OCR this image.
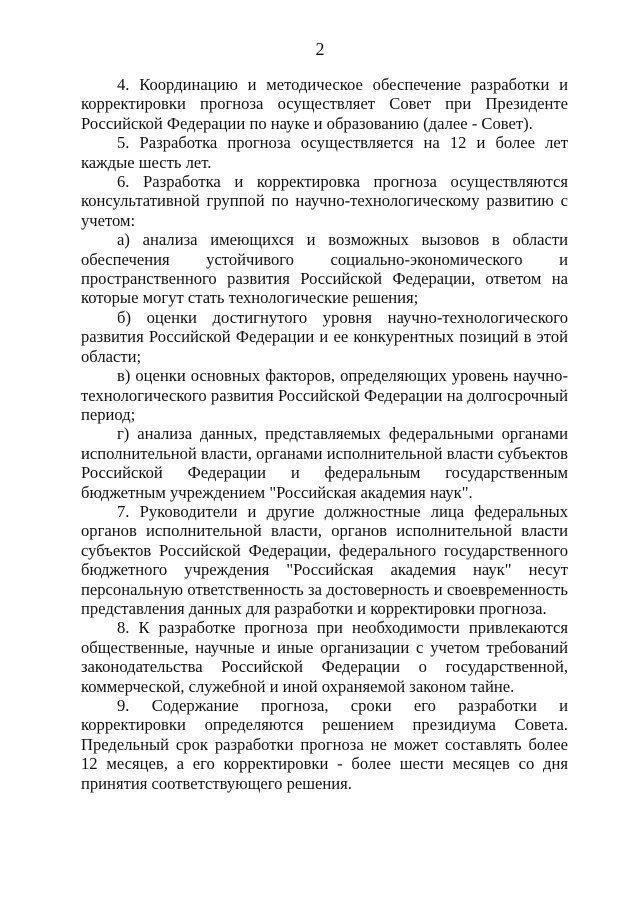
2

4. Координацию и методическое обеспечение разработки и корректировки прогноза осуществляет Совет при Президенте Российской Федерации по науке и образованию (далее - Совет).

5. Разработка прогноза осуществляется на 12 и более лет каждые шесть лет.

6. Разработка и корректировка прогноза осуществляются консультативной группой по научно-технологическому развитию с учетом:

а) анализа имеющихся и возможных вызовов в области обеспечения устойчивого социально-экономического и пространственного развития Российской Федерации, ответом на которые могут стать технологические решения;

б) оценки достигнутого уровня научно-технологического развития Российской Федерации и ее конкурентных позиций в этой области;

в) оценки основных факторов, определяющих уровень научно-технологического развития Российской Федерации на долгосрочный период;

г) анализа данных, представляемых федеральными органами исполнительной власти, органами исполнительной власти субъектов Российской Федерации и федеральным государственным бюджетным учреждением "Российская академия наук".

7. Руководители и другие должностные лица федеральных органов исполнительной власти, органов исполнительной власти субъектов Российской Федерации, федерального государственного бюджетного учреждения "Российская академия наук" несут персональную ответственность за достоверность и своевременность представления данных для разработки и корректировки прогноза.

8. К разработке прогноза при необходимости привлекаются общественные, научные и иные организации с учетом требований законодательства Российской Федерации о государственной, коммерческой, служебной и иной охраняемой законом тайне.

9. Содержание прогноза, сроки его разработки и корректировки определяются решением президиума Совета. Предельный срок разработки прогноза не может составлять более 12 месяцев, а его корректировки - более шести месяцев со дня принятия соответствующего решения.
